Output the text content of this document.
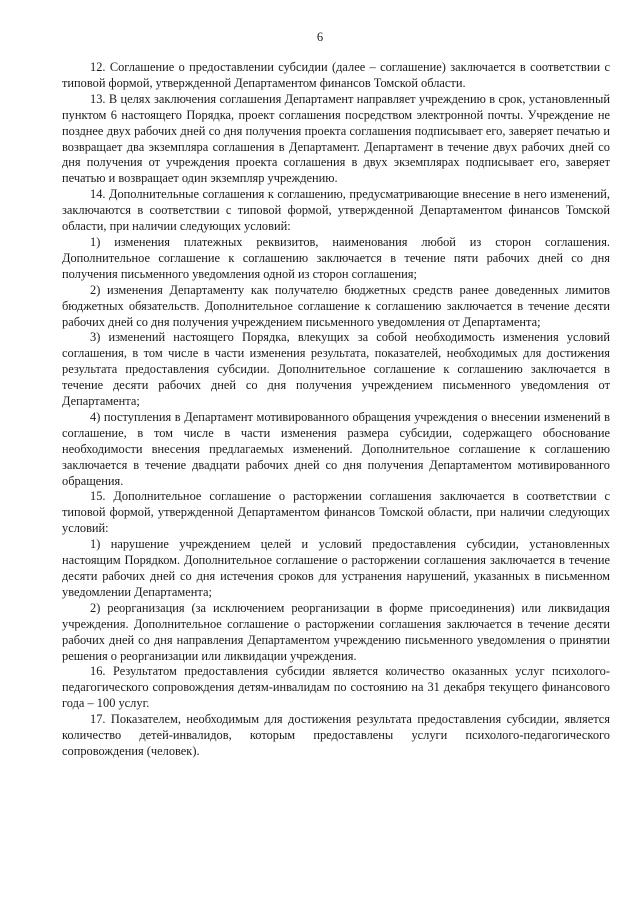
6

12. Соглашение о предоставлении субсидии (далее – соглашение) заключается в соответствии с типовой формой, утвержденной Департаментом финансов Томской области.

13. В целях заключения соглашения Департамент направляет учреждению в срок, установленный пунктом 6 настоящего Порядка, проект соглашения посредством электронной почты. Учреждение не позднее двух рабочих дней со дня получения проекта соглашения подписывает его, заверяет печатью и возвращает два экземпляра соглашения в Департамент. Департамент в течение двух рабочих дней со дня получения от учреждения проекта соглашения в двух экземплярах подписывает его, заверяет печатью и возвращает один экземпляр учреждению.

14. Дополнительные соглашения к соглашению, предусматривающие внесение в него изменений, заключаются в соответствии с типовой формой, утвержденной Департаментом финансов Томской области, при наличии следующих условий:

1) изменения платежных реквизитов, наименования любой из сторон соглашения. Дополнительное соглашение к соглашению заключается в течение пяти рабочих дней со дня получения письменного уведомления одной из сторон соглашения;

2) изменения Департаменту как получателю бюджетных средств ранее доведенных лимитов бюджетных обязательств. Дополнительное соглашение к соглашению заключается в течение десяти рабочих дней со дня получения учреждением письменного уведомления от Департамента;

3) изменений настоящего Порядка, влекущих за собой необходимость изменения условий соглашения, в том числе в части изменения результата, показателей, необходимых для достижения результата предоставления субсидии. Дополнительное соглашение к соглашению заключается в течение десяти рабочих дней со дня получения учреждением письменного уведомления от Департамента;

4) поступления в Департамент мотивированного обращения учреждения о внесении изменений в соглашение, в том числе в части изменения размера субсидии, содержащего обоснование необходимости внесения предлагаемых изменений. Дополнительное соглашение к соглашению заключается в течение двадцати рабочих дней со дня получения Департаментом мотивированного обращения.

15. Дополнительное соглашение о расторжении соглашения заключается в соответствии с типовой формой, утвержденной Департаментом финансов Томской области, при наличии следующих условий:

1) нарушение учреждением целей и условий предоставления субсидии, установленных настоящим Порядком. Дополнительное соглашение о расторжении соглашения заключается в течение десяти рабочих дней со дня истечения сроков для устранения нарушений, указанных в письменном уведомлении Департамента;

2) реорганизация (за исключением реорганизации в форме присоединения) или ликвидация учреждения. Дополнительное соглашение о расторжении соглашения заключается в течение десяти рабочих дней со дня направления Департаментом учреждению письменного уведомления о принятии решения о реорганизации или ликвидации учреждения.

16. Результатом предоставления субсидии является количество оказанных услуг психолого-педагогического сопровождения детям-инвалидам по состоянию на 31 декабря текущего финансового года – 100 услуг.

17. Показателем, необходимым для достижения результата предоставления субсидии, является количество детей-инвалидов, которым предоставлены услуги психолого-педагогического сопровождения (человек).
